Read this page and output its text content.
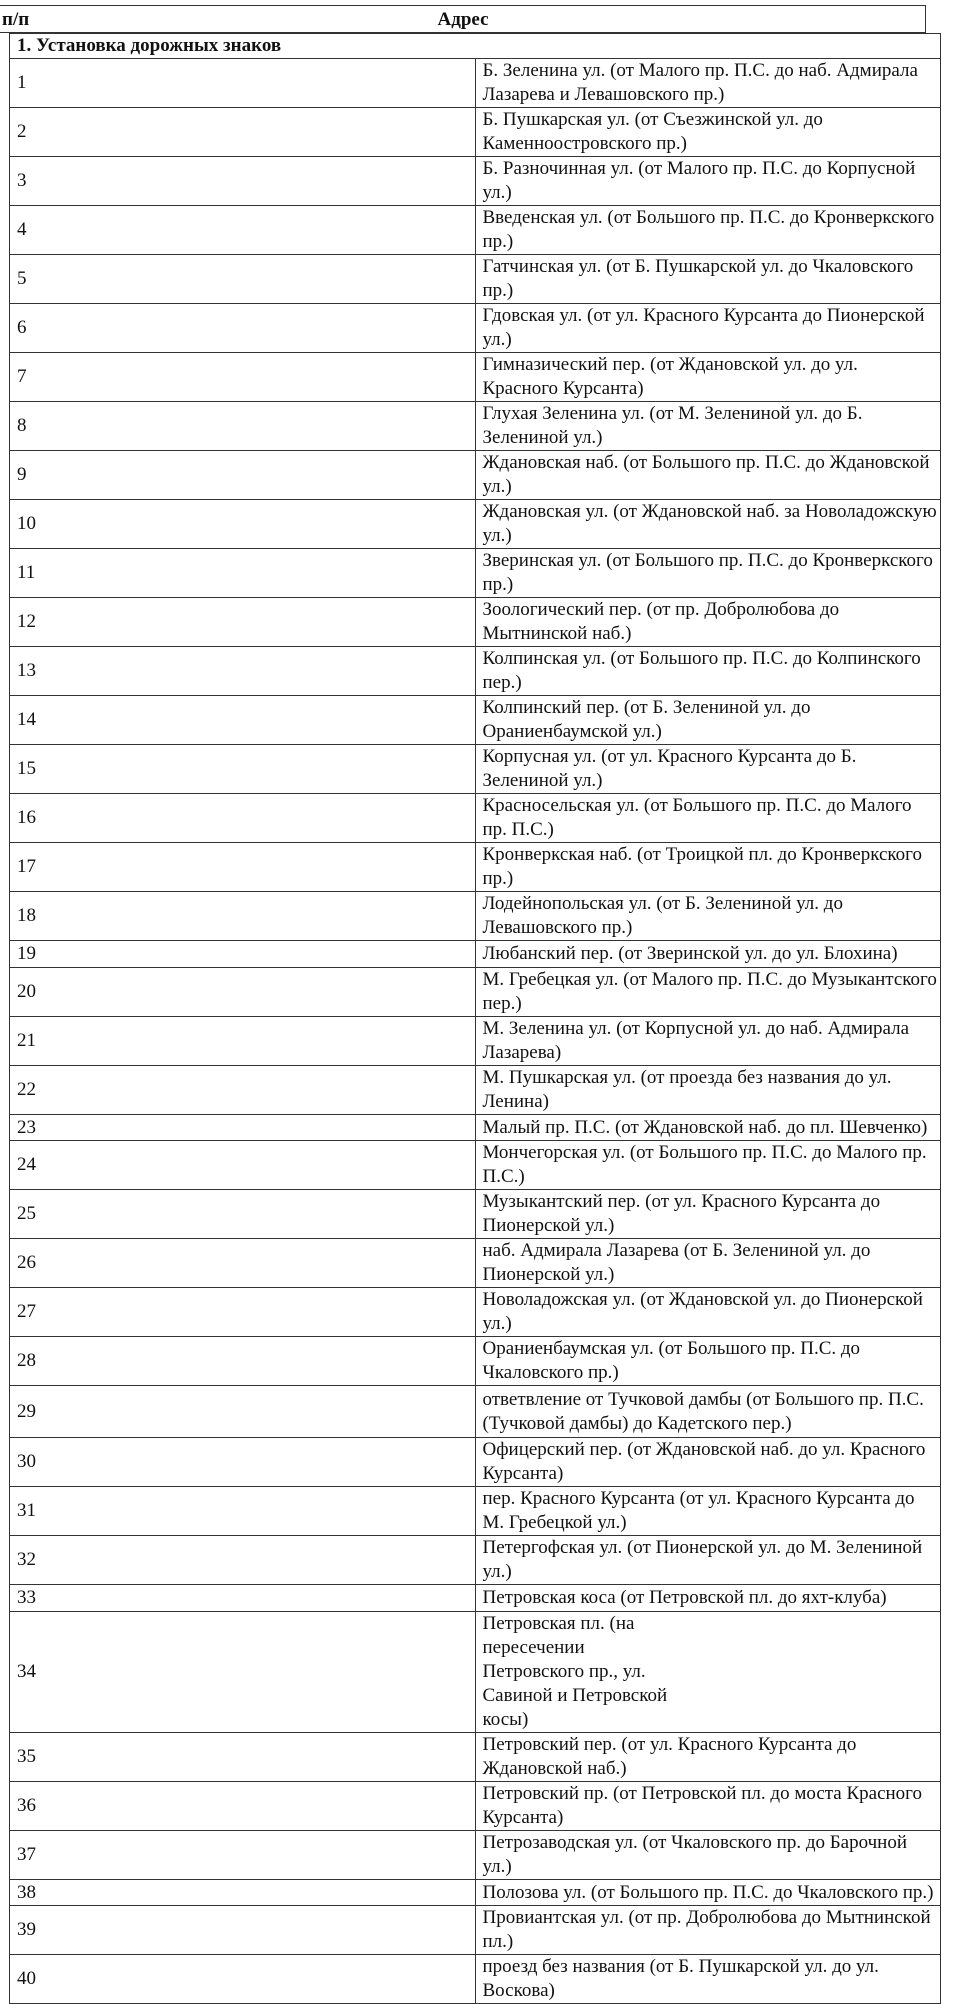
п/п	Адрес
1. Установка дорожных знаков	
1	Б. Зеленина ул. (от Малого пр. П.С. до наб. Адмирала Лазарева и Левашовского пр.)
2	Б. Пушкарская ул. (от Съезжинской ул. до Каменноостровского пр.)
3	Б. Разночинная ул. (от Малого пр. П.С. до Корпусной ул.)
4	Введенская ул. (от Большого пр. П.С. до Кронверкского пр.)
5	Гатчинская ул. (от Б. Пушкарской ул. до Чкаловского пр.)
6	Гдовская ул. (от ул. Красного Курсанта до Пионерской ул.)
7	Гимназический пер. (от Ждановской ул. до ул. Красного Курсанта)
8	Глухая Зеленина ул. (от М. Зелениной ул. до Б. Зелениной ул.)
9	Ждановская наб. (от Большого пр. П.С. до Ждановской ул.)
10	Ждановская ул. (от Ждановской наб. за Новоладожскую ул.)
11	Зверинская ул. (от Большого пр. П.С. до Кронверкского пр.)
12	Зоологический пер. (от пр. Добролюбова до Мытнинской наб.)
13	Колпинская ул. (от Большого пр. П.С. до Колпинского пер.)
14	Колпинский пер. (от Б. Зелениной ул. до Ораниенбаумской ул.)
15	Корпусная ул. (от ул. Красного Курсанта до Б. Зелениной ул.)
16	Красносельская ул. (от Большого пр. П.С. до Малого пр. П.С.)
17	Кронверкская наб. (от Троицкой пл. до Кронверкского пр.)
18	Лодейнопольская ул. (от Б. Зелениной ул. до Левашовского пр.)
19	Любанский пер. (от Зверинской ул. до ул. Блохина)
20	М. Гребецкая ул. (от Малого пр. П.С. до Музыкантского пер.)
21	М. Зеленина ул. (от Корпусной ул. до наб. Адмирала Лазарева)
22	М. Пушкарская ул. (от проезда без названия до ул. Ленина)
23	Малый пр. П.С. (от Ждановской наб. до пл. Шевченко)
24	Мончегорская ул. (от Большого пр. П.С. до Малого пр. П.С.)
25	Музыкантский пер. (от ул. Красного Курсанта до Пионерской ул.)
26	наб. Адмирала Лазарева (от Б. Зелениной ул. до Пионерской ул.)
27	Новоладожская ул. (от Ждановской ул. до Пионерской ул.)
28	Ораниенбаумская ул. (от Большого пр. П.С. до Чкаловского пр.)
29	ответвление от Тучковой дамбы (от Большого пр. П.С. (Тучковой дамбы) до Кадетского пер.)
30	Офицерский пер. (от Ждановской наб. до ул. Красного Курсанта)
31	пер. Красного Курсанта (от ул. Красного Курсанта до М. Гребецкой ул.)
32	Петергофская ул. (от Пионерской ул. до М. Зелениной ул.)
33	Петровская коса (от Петровской пл. до яхт-клуба)
34	Петровская пл. (на пересечении Петровского пр., ул. Савиной и Петровской косы)
35	Петровский пер. (от ул. Красного Курсанта до Ждановской наб.)
36	Петровский пр. (от Петровской пл. до моста Красного Курсанта)
37	Петрозаводская ул. (от Чкаловского пр. до Барочной ул.)
38	Полозова ул. (от Большого пр. П.С. до Чкаловского пр.)
39	Провиантская ул. (от пр. Добролюбова до Мытнинской пл.)
40	проезд без названия (от Б. Пушкарской ул. до ул. Воскова)
